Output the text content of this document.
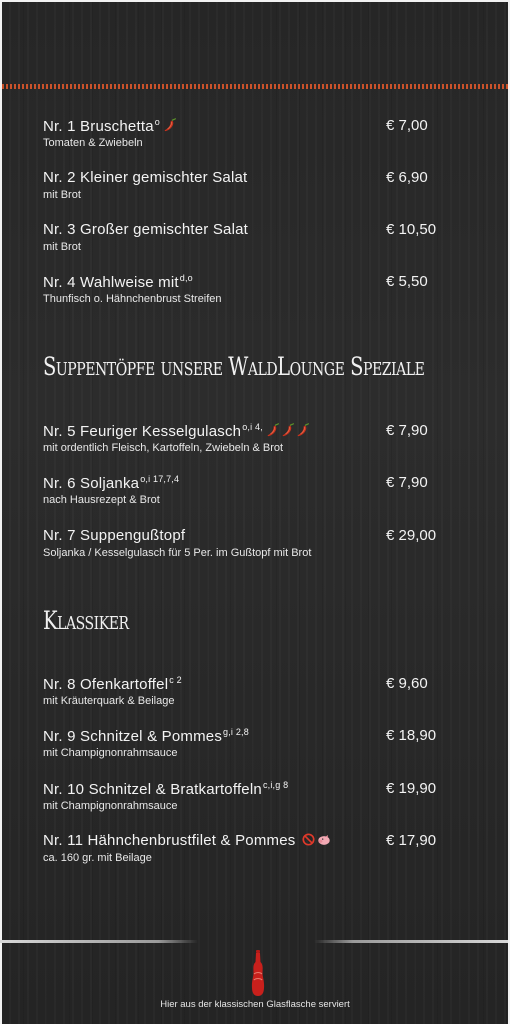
Nr. 1 Bruschetta$^o$
Tomaten & Zwiebeln
€ 7,00
Nr. 2 Kleiner gemischter Salat
mit Brot
€ 6,90
Nr. 3 Großer gemischter Salat
mit Brot
€ 10,50
Nr. 4 Wahlweise mit$^{d,o}$
Thunfisch o. Hähnchenbrust Streifen
€ 5,50
Suppentöpfe unsere WaldLounge Speziale
Nr. 5 Feuriger Kesselgulasch$^{o,i 4,}$
mit ordentlich Fleisch, Kartoffeln, Zwiebeln & Brot
€ 7,90
Nr. 6 Soljanka$^{o,i 17,7,4}$
nach Hausrezept & Brot
€ 7,90
Nr. 7 Suppengußtopf
Soljanka / Kesselgulasch für 5 Per. im Gußtopf mit Brot
€ 29,00
Klassiker
Nr. 8 Ofenkartoffel$^{c 2}$
mit Kräuterquark & Beilage
€ 9,60
Nr. 9 Schnitzel & Pommes$^{g,i 2,8}$
mit Champignonrahmsauce
€ 18,90
Nr. 10 Schnitzel & Bratkartoffeln$^{c,i,g 8}$
mit Champignonrahmsauce
€ 19,90
Nr. 11 Hähnchenbrustfilet & Pommes
ca. 160 gr. mit Beilage
€ 17,90
Hier aus der klassischen Glasflasche serviert
